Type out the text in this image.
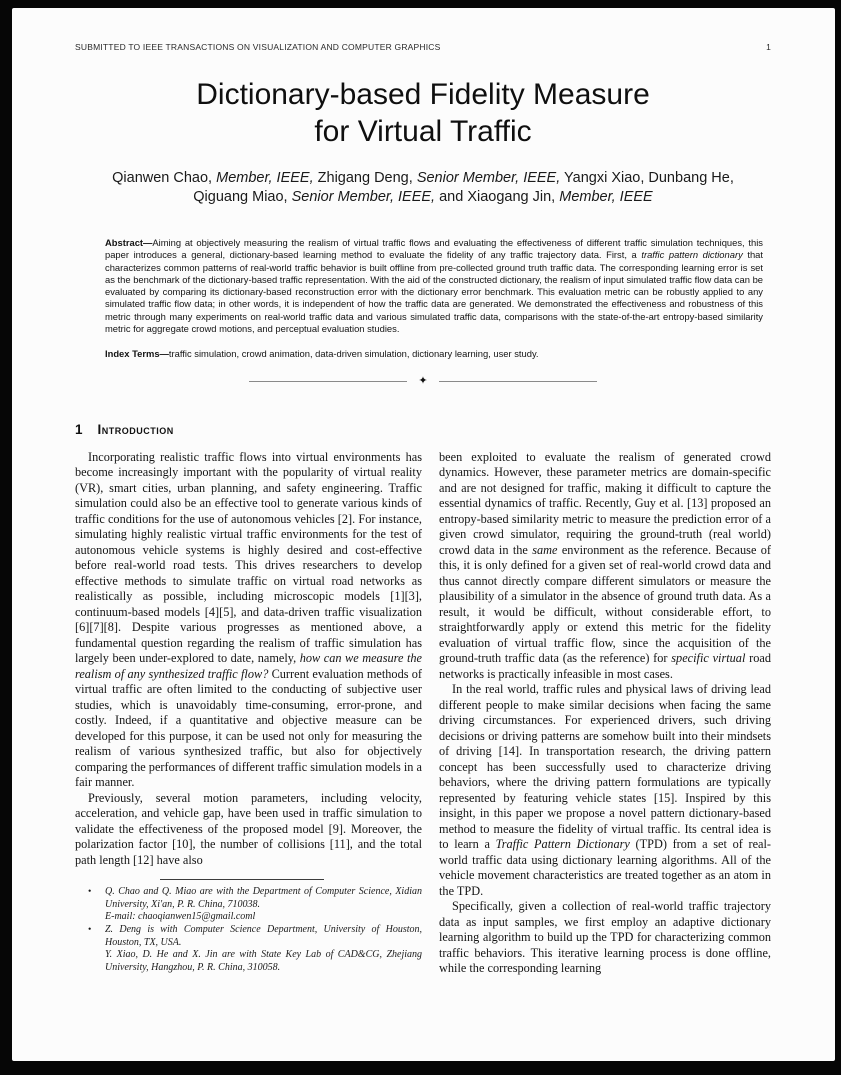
SUBMITTED TO IEEE TRANSACTIONS ON VISUALIZATION AND COMPUTER GRAPHICS	1
Dictionary-based Fidelity Measure
for Virtual Traffic
Qianwen Chao, Member, IEEE, Zhigang Deng, Senior Member, IEEE, Yangxi Xiao, Dunbang He,
Qiguang Miao, Senior Member, IEEE, and Xiaogang Jin, Member, IEEE

Abstract—Aiming at objectively measuring the realism of virtual traffic flows and evaluating the effectiveness of different traffic simulation techniques, this paper introduces a general, dictionary-based learning method to evaluate the fidelity of any traffic trajectory data. First, a traffic pattern dictionary that characterizes common patterns of real-world traffic behavior is built offline from pre-collected ground truth traffic data. The corresponding learning error is set as the benchmark of the dictionary-based traffic representation. With the aid of the constructed dictionary, the realism of input simulated traffic flow data can be evaluated by comparing its dictionary-based reconstruction error with the dictionary error benchmark. This evaluation metric can be robustly applied to any simulated traffic flow data; in other words, it is independent of how the traffic data are generated. We demonstrated the effectiveness and robustness of this metric through many experiments on real-world traffic data and various simulated traffic data, comparisons with the state-of-the-art entropy-based similarity metric for aggregate crowd motions, and perceptual evaluation studies.

Index Terms—traffic simulation, crowd animation, data-driven simulation, dictionary learning, user study.

✦
1 Introduction

Incorporating realistic traffic flows into virtual environments has become increasingly important with the popularity of virtual reality (VR), smart cities, urban planning, and safety engineering. Traffic simulation could also be an effective tool to generate various kinds of traffic conditions for the use of autonomous vehicles [2]. For instance, simulating highly realistic virtual traffic environments for the test of autonomous vehicle systems is highly desired and cost-effective before real-world road tests. This drives researchers to develop effective methods to simulate traffic on virtual road networks as realistically as possible, including microscopic models [1][3], continuum-based models [4][5], and data-driven traffic visualization [6][7][8]. Despite various progresses as mentioned above, a fundamental question regarding the realism of traffic simulation has largely been under-explored to date, namely, how can we measure the realism of any synthesized traffic flow? Current evaluation methods of virtual traffic are often limited to the conducting of subjective user studies, which is unavoidably time-consuming, error-prone, and costly. Indeed, if a quantitative and objective measure can be developed for this purpose, it can be used not only for measuring the realism of various synthesized traffic, but also for objectively comparing the performances of different traffic simulation models in a fair manner.

Previously, several motion parameters, including velocity, acceleration, and vehicle gap, have been used in traffic simulation to validate the effectiveness of the proposed model [9]. Moreover, the polarization factor [10], the number of collisions [11], and the total path length [12] have also

•	Q. Chao and Q. Miao are with the Department of Computer Science, Xidian University, Xi'an, P. R. China, 710038.
E-mail: chaoqianwen15@gmail.coml
•	Z. Deng is with Computer Science Department, University of Houston, Houston, TX, USA.
Y. Xiao, D. He and X. Jin are with State Key Lab of CAD&CG, Zhejiang University, Hangzhou, P. R. China, 310058.

been exploited to evaluate the realism of generated crowd dynamics. However, these parameter metrics are domain-specific and are not designed for traffic, making it difficult to capture the essential dynamics of traffic. Recently, Guy et al. [13] proposed an entropy-based similarity metric to measure the prediction error of a given crowd simulator, requiring the ground-truth (real world) crowd data in the same environment as the reference. Because of this, it is only defined for a given set of real-world crowd data and thus cannot directly compare different simulators or measure the plausibility of a simulator in the absence of ground truth data. As a result, it would be difficult, without considerable effort, to straightforwardly apply or extend this metric for the fidelity evaluation of virtual traffic flow, since the acquisition of the ground-truth traffic data (as the reference) for specific virtual road networks is practically infeasible in most cases.

In the real world, traffic rules and physical laws of driving lead different people to make similar decisions when facing the same driving circumstances. For experienced drivers, such driving decisions or driving patterns are somehow built into their mindsets of driving [14]. In transportation research, the driving pattern concept has been successfully used to characterize driving behaviors, where the driving pattern formulations are typically represented by featuring vehicle states [15]. Inspired by this insight, in this paper we propose a novel pattern dictionary-based method to measure the fidelity of virtual traffic. Its central idea is to learn a Traffic Pattern Dictionary (TPD) from a set of real-world traffic data using dictionary learning algorithms. All of the vehicle movement characteristics are treated together as an atom in the TPD.

Specifically, given a collection of real-world traffic trajectory data as input samples, we first employ an adaptive dictionary learning algorithm to build up the TPD for characterizing common traffic behaviors. This iterative learning process is done offline, while the corresponding learning
